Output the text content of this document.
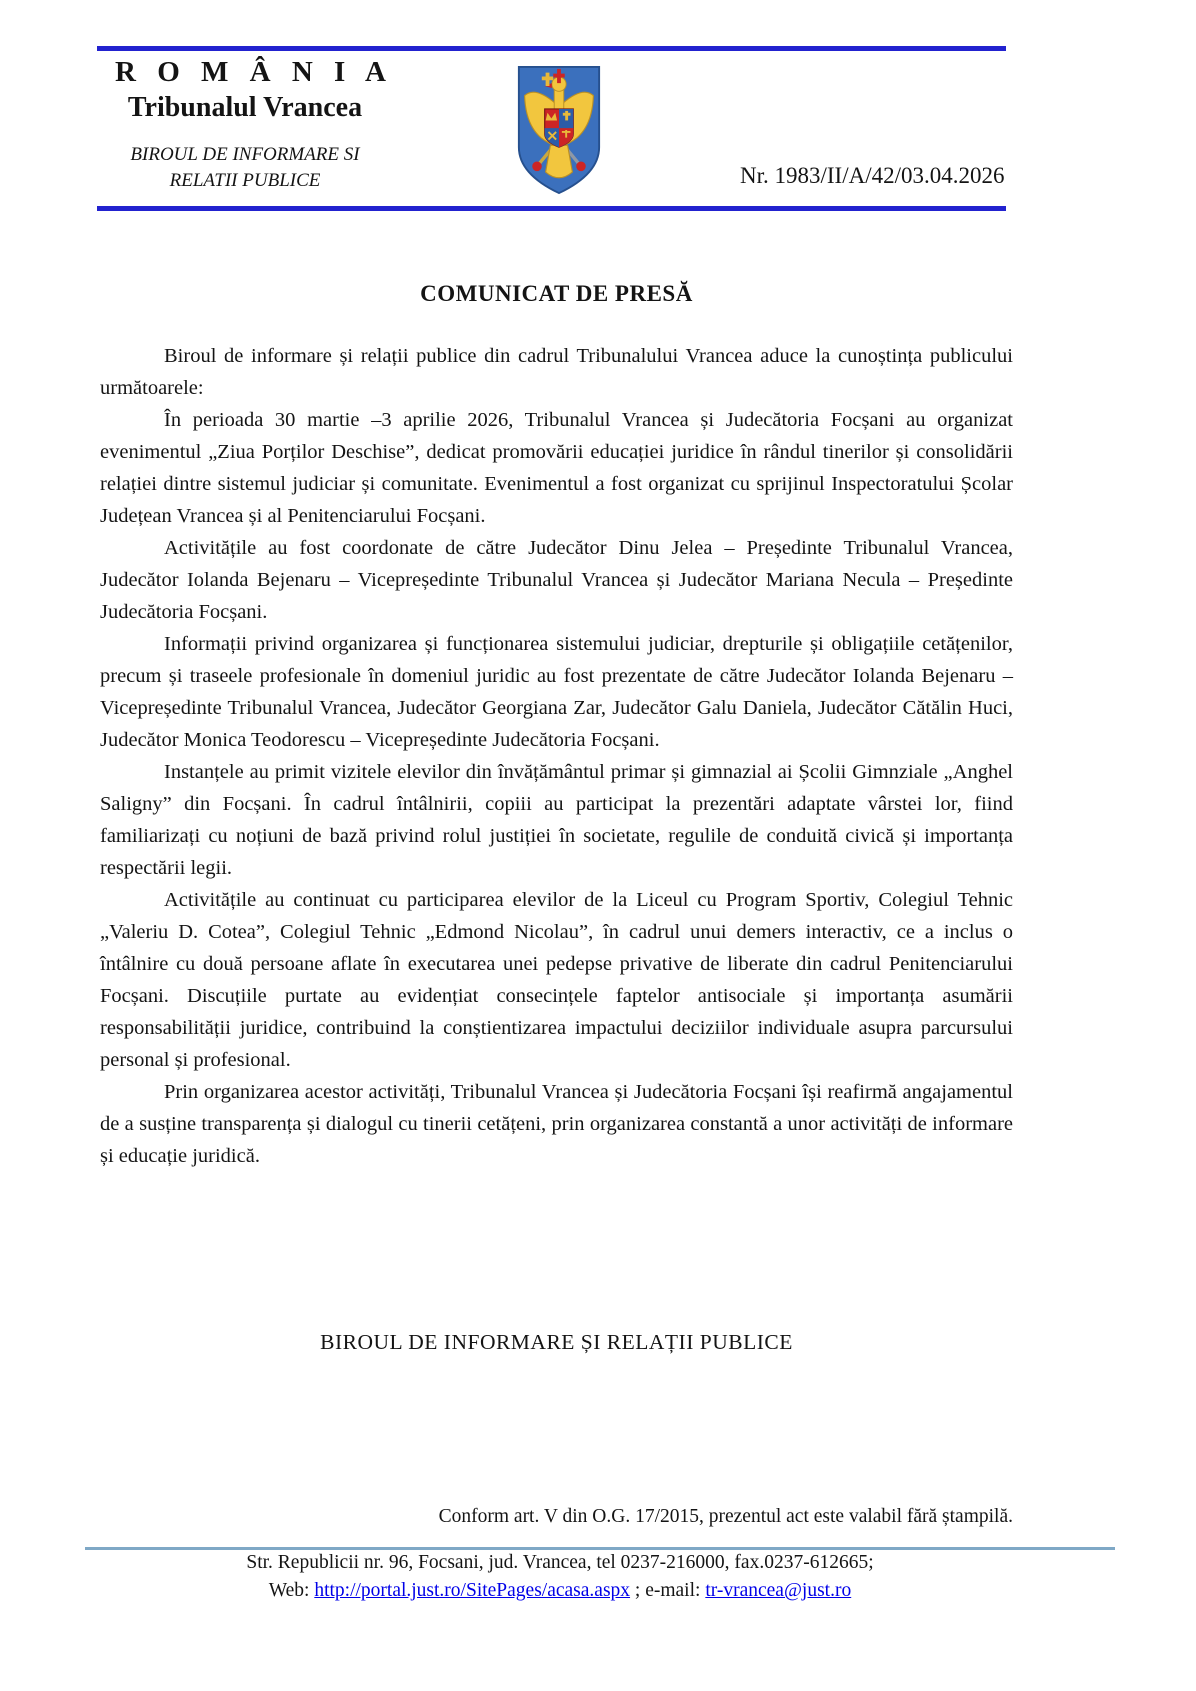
R O M Â N I A
Tribunalul Vrancea
BIROUL DE INFORMARE SI
RELATII PUBLICE	Nr. 1983/II/A/42/03.04.2026
COMUNICAT DE PRESĂ

Biroul de informare și relații publice din cadrul Tribunalului Vrancea aduce la cunoștința publicului următoarele:

În perioada 30 martie –3 aprilie 2026, Tribunalul Vrancea și Judecătoria Focșani au organizat evenimentul „Ziua Porților Deschise”, dedicat promovării educației juridice în rândul tinerilor și consolidării relației dintre sistemul judiciar și comunitate. Evenimentul a fost organizat cu sprijinul Inspectoratului Școlar Județean Vrancea și al Penitenciarului Focșani.

Activitățile au fost coordonate de către Judecător Dinu Jelea – Președinte Tribunalul Vrancea, Judecător Iolanda Bejenaru – Vicepreședinte Tribunalul Vrancea și Judecător Mariana Necula – Președinte Judecătoria Focșani.

Informații privind organizarea și funcționarea sistemului judiciar, drepturile și obligațiile cetățenilor, precum și traseele profesionale în domeniul juridic au fost prezentate de către Judecător Iolanda Bejenaru – Vicepreședinte Tribunalul Vrancea, Judecător Georgiana Zar, Judecător Galu Daniela, Judecător Cătălin Huci, Judecător Monica Teodorescu – Vicepreședinte Judecătoria Focșani.

Instanțele au primit vizitele elevilor din învățământul primar și gimnazial ai Școlii Gimnziale „Anghel Saligny” din Focșani. În cadrul întâlnirii, copiii au participat la prezentări adaptate vârstei lor, fiind familiarizați cu noțiuni de bază privind rolul justiției în societate, regulile de conduită civică și importanța respectării legii.

Activitățile au continuat cu participarea elevilor de la Liceul cu Program Sportiv, Colegiul Tehnic „Valeriu D. Cotea”, Colegiul Tehnic „Edmond Nicolau”, în cadrul unui demers interactiv, ce a inclus o întâlnire cu două persoane aflate în executarea unei pedepse privative de liberate din cadrul Penitenciarului Focșani. Discuțiile purtate au evidențiat consecințele faptelor antisociale și importanța asumării responsabilității juridice, contribuind la conștientizarea impactului deciziilor individuale asupra parcursului personal și profesional.

Prin organizarea acestor activități, Tribunalul Vrancea și Judecătoria Focșani își reafirmă angajamentul de a susține transparența și dialogul cu tinerii cetățeni, prin organizarea constantă a unor activități de informare și educație juridică.

BIROUL DE INFORMARE ȘI RELAȚII PUBLICE
Conform art. V din O.G. 17/2015, prezentul act este valabil fără ștampilă.
Str. Republicii nr. 96, Focsani, jud. Vrancea, tel 0237-216000, fax.0237-612665;
Web: http://portal.just.ro/SitePages/acasa.aspx ; e-mail: tr-vrancea@just.ro
